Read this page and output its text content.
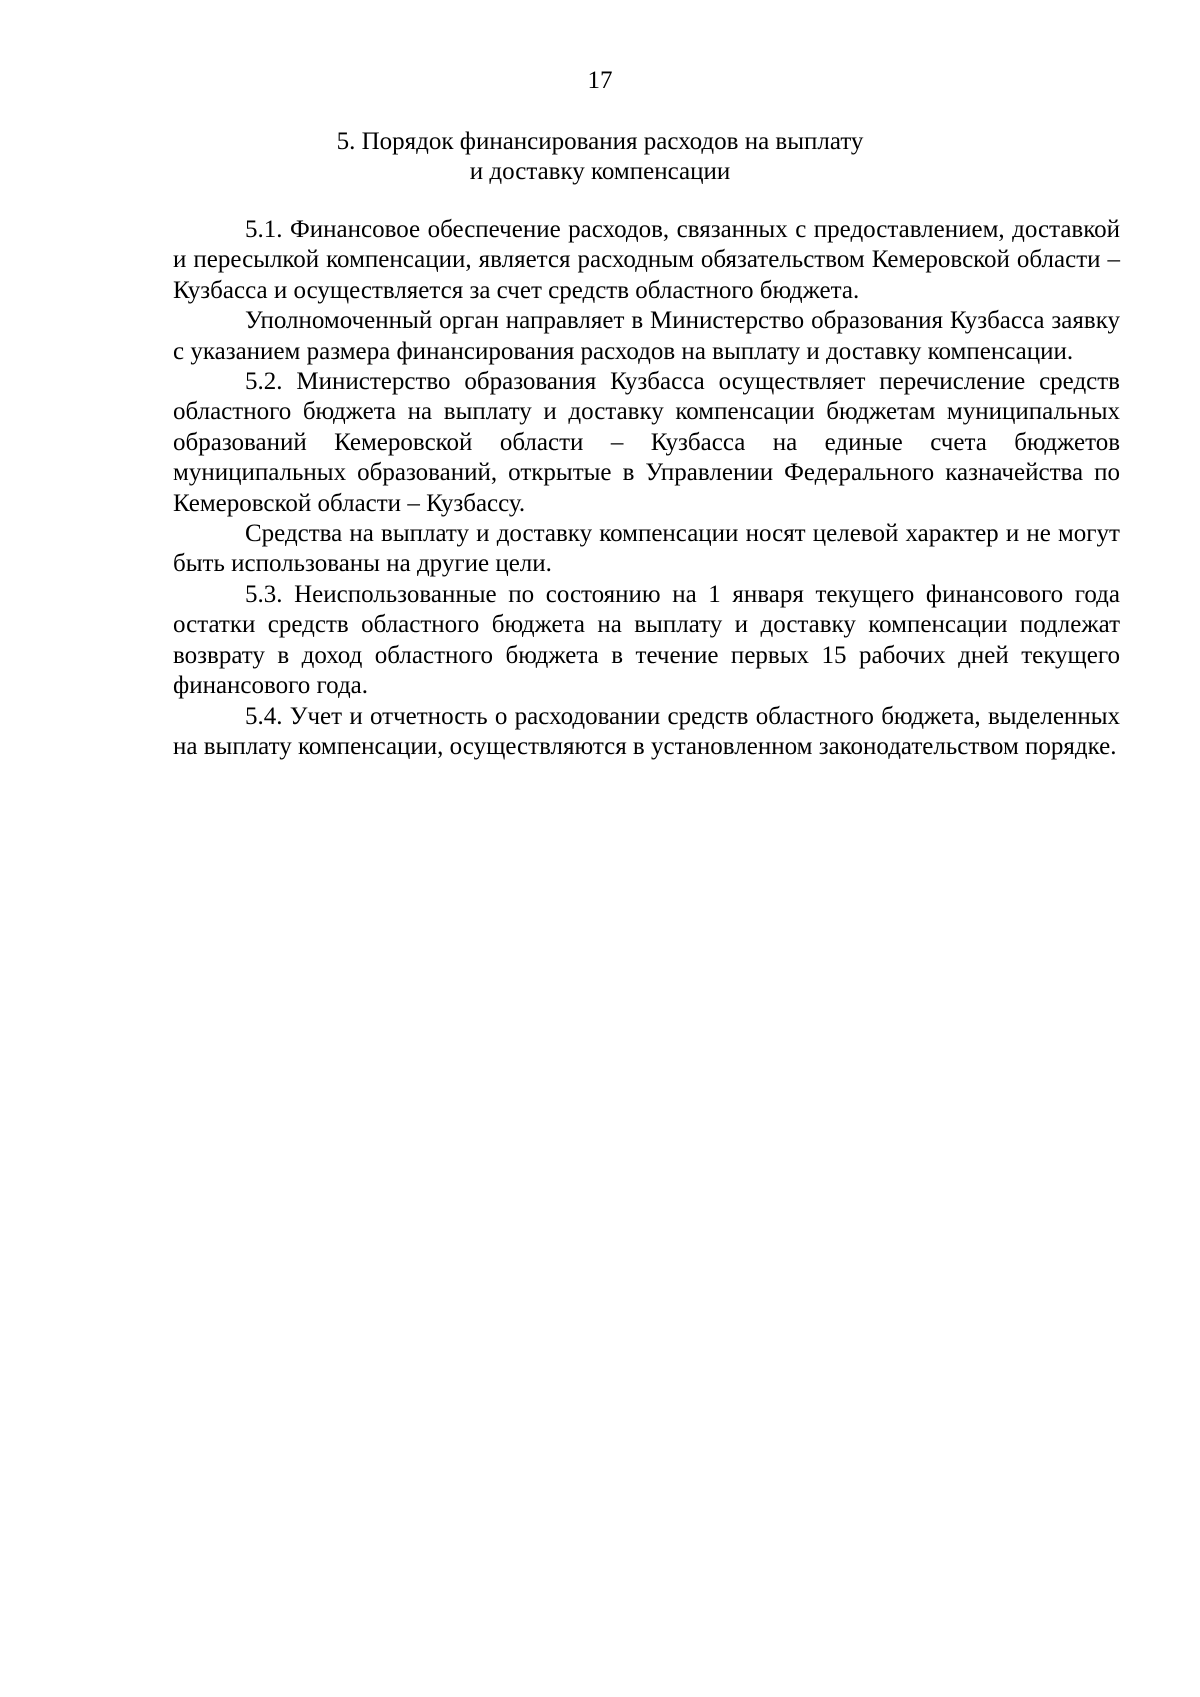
17
5. Порядок финансирования расходов на выплату
и доставку компенсации

5.1. Финансовое обеспечение расходов, связанных с предоставлением, доставкой и пересылкой компенсации, является расходным обязательством Кемеровской области – Кузбасса и осуществляется за счет средств областного бюджета.

Уполномоченный орган направляет в Министерство образования Кузбасса заявку с указанием размера финансирования расходов на выплату и доставку компенсации.

5.2. Министерство образования Кузбасса осуществляет перечисление средств областного бюджета на выплату и доставку компенсации бюджетам муниципальных образований Кемеровской области – Кузбасса на единые счета бюджетов муниципальных образований, открытые в Управлении Федерального казначейства по Кемеровской области – Кузбассу.

Средства на выплату и доставку компенсации носят целевой характер и не могут быть использованы на другие цели.

5.3. Неиспользованные по состоянию на 1 января текущего финансового года остатки средств областного бюджета на выплату и доставку компенсации подлежат возврату в доход областного бюджета в течение первых 15 рабочих дней текущего финансового года.

5.4. Учет и отчетность о расходовании средств областного бюджета, выделенных на выплату компенсации, осуществляются в установленном законодательством порядке.
